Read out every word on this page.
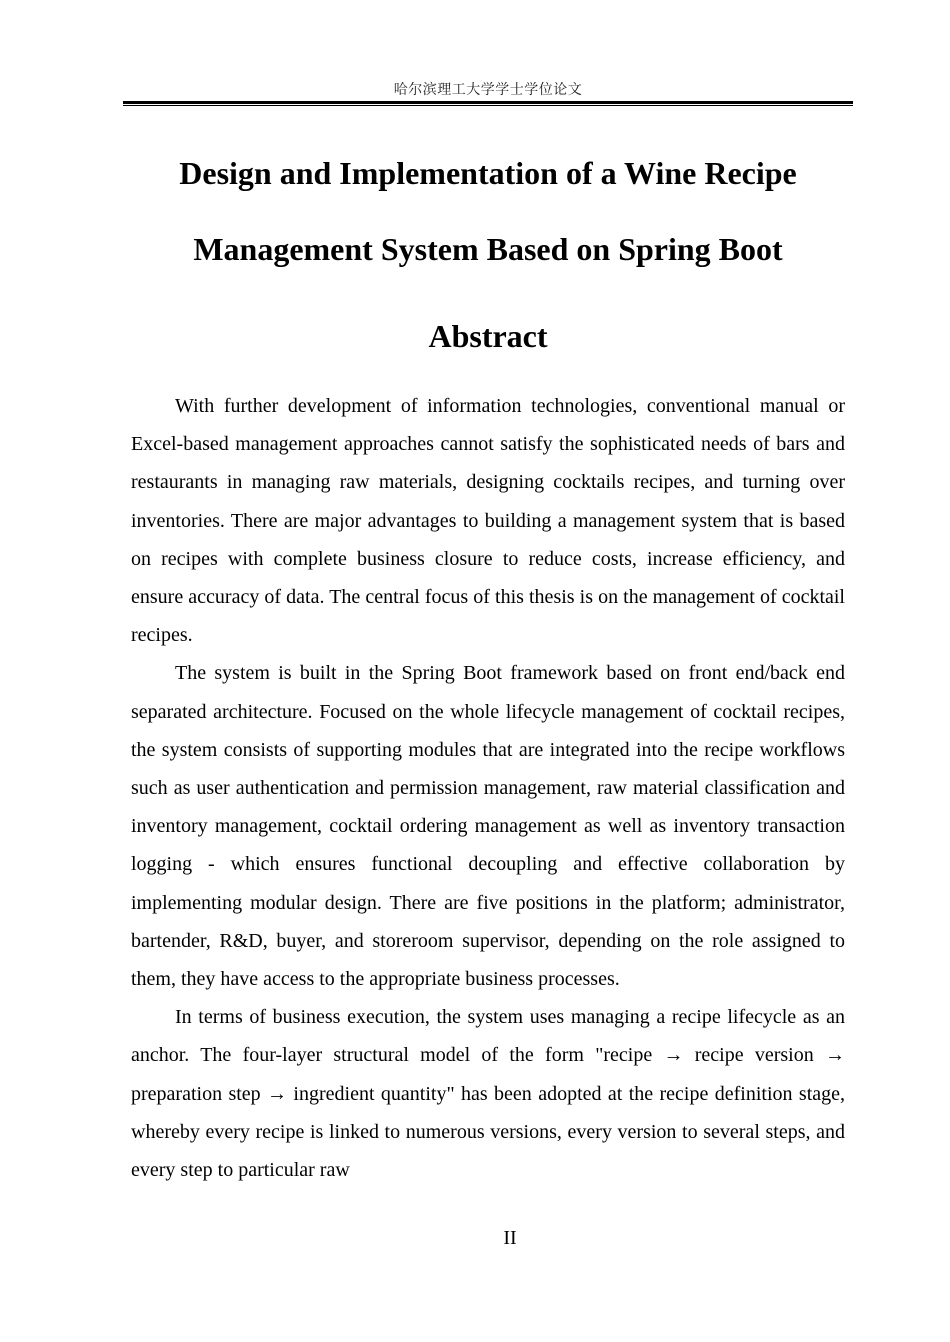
哈尔滨理工大学学士学位论文
Design and Implementation of a Wine Recipe
Management System Based on Spring Boot
Abstract

With further development of information technologies, conventional manual or Excel-based management approaches cannot satisfy the sophisticated needs of bars and restaurants in managing raw materials, designing cocktails recipes, and turning over inventories. There are major advantages to building a management system that is based on recipes with complete business closure to reduce costs, increase efficiency, and ensure accuracy of data. The central focus of this thesis is on the management of cocktail recipes.

The system is built in the Spring Boot framework based on front end/back end separated architecture. Focused on the whole lifecycle management of cocktail recipes, the system consists of supporting modules that are integrated into the recipe workflows such as user authentication and permission management, raw material classification and inventory management, cocktail ordering management as well as inventory transaction logging - which ensures functional decoupling and effective collaboration by implementing modular design. There are five positions in the platform; administrator, bartender, R&D, buyer, and storeroom supervisor, depending on the role assigned to them, they have access to the appropriate business processes.

In terms of business execution, the system uses managing a recipe lifecycle as an anchor. The four-layer structural model of the form "recipe → recipe version → preparation step → ingredient quantity" has been adopted at the recipe definition stage, whereby every recipe is linked to numerous versions, every version to several steps, and every step to particular raw

II
